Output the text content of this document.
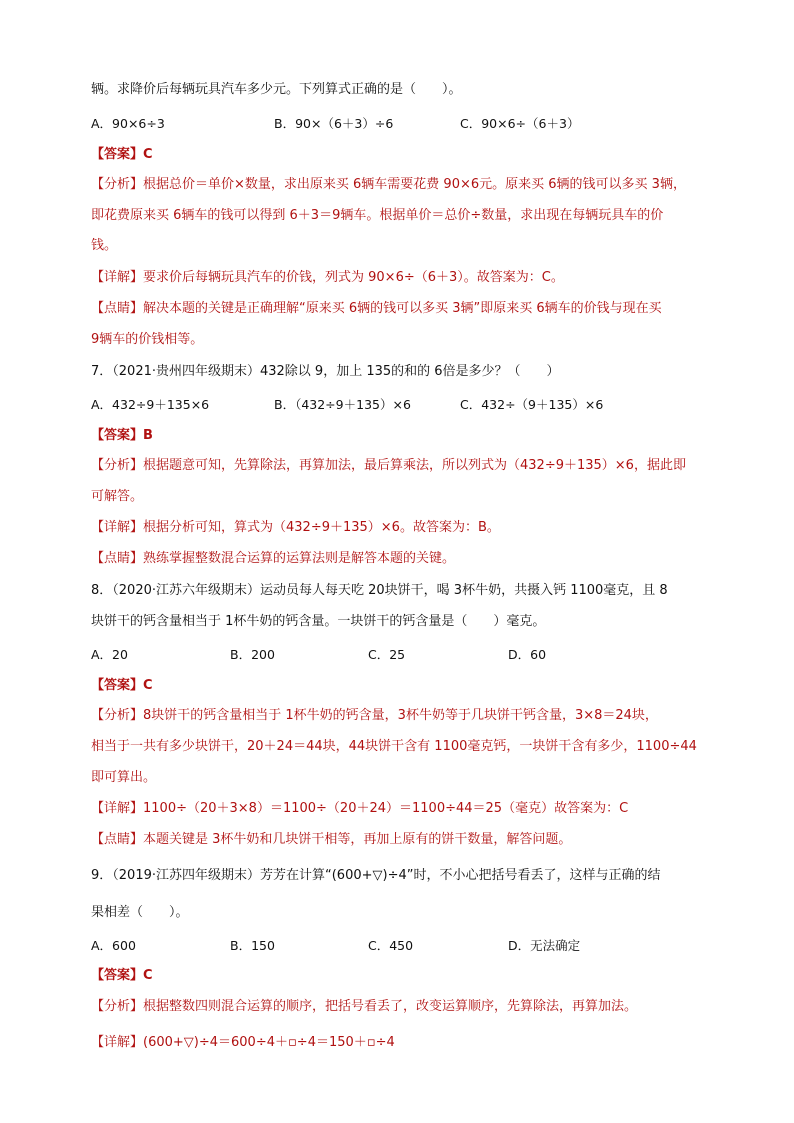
辆。求降价后每辆玩具汽车多少元。下列算式正确的是（　　）。
A．90×6÷3	B．90×（6＋3）÷6	C．90×6÷（6＋3）
【答案】C
【分析】根据总价＝单价×数量，求出原来买 6辆车需要花费 90×6元。原来买 6辆的钱可以多买 3辆，
即花费原来买 6辆车的钱可以得到 6＋3＝9辆车。根据单价＝总价÷数量，求出现在每辆玩具车的价
钱。
【详解】要求价后每辆玩具汽车的价钱，列式为 90×6÷（6＋3）。故答案为：C。
【点睛】解决本题的关键是正确理解“原来买 6辆的钱可以多买 3辆”即原来买 6辆车的价钱与现在买
9辆车的价钱相等。
7．（2021·贵州四年级期末）432除以 9，加上 135的和的 6倍是多少？（　　）
A．432÷9＋135×6	B．（432÷9＋135）×6	C．432÷（9＋135）×6
【答案】B
【分析】根据题意可知，先算除法，再算加法，最后算乘法，所以列式为（432÷9＋135）×6，据此即
可解答。
【详解】根据分析可知，算式为（432÷9＋135）×6。故答案为：B。
【点睛】熟练掌握整数混合运算的运算法则是解答本题的关键。
8．（2020·江苏六年级期末）运动员每人每天吃 20块饼干，喝 3杯牛奶，共摄入钙 1100毫克，且 8
块饼干的钙含量相当于 1杯牛奶的钙含量。一块饼干的钙含量是（　　）毫克。
A．20	B．200	C．25	D．60
【答案】C
【分析】8块饼干的钙含量相当于 1杯牛奶的钙含量，3杯牛奶等于几块饼干钙含量，3×8＝24块，
相当于一共有多少块饼干，20＋24＝44块，44块饼干含有 1100毫克钙，一块饼干含有多少，1100÷44
即可算出。
【详解】1100÷（20＋3×8）＝1100÷（20＋24）＝1100÷44＝25（毫克）故答案为：C
【点睛】本题关键是 3杯牛奶和几块饼干相等，再加上原有的饼干数量，解答问题。
9．（2019·江苏四年级期末）芳芳在计算“(600+▽)÷4”时，不小心把括号看丢了，这样与正确的结
果相差（　　）。
A．600	B．150	C．450	D．无法确定
【答案】C
【分析】根据整数四则混合运算的顺序，把括号看丢了，改变运算顺序，先算除法，再算加法。
【详解】(600+▽)÷4＝600÷4＋▫÷4＝150＋▫÷4
